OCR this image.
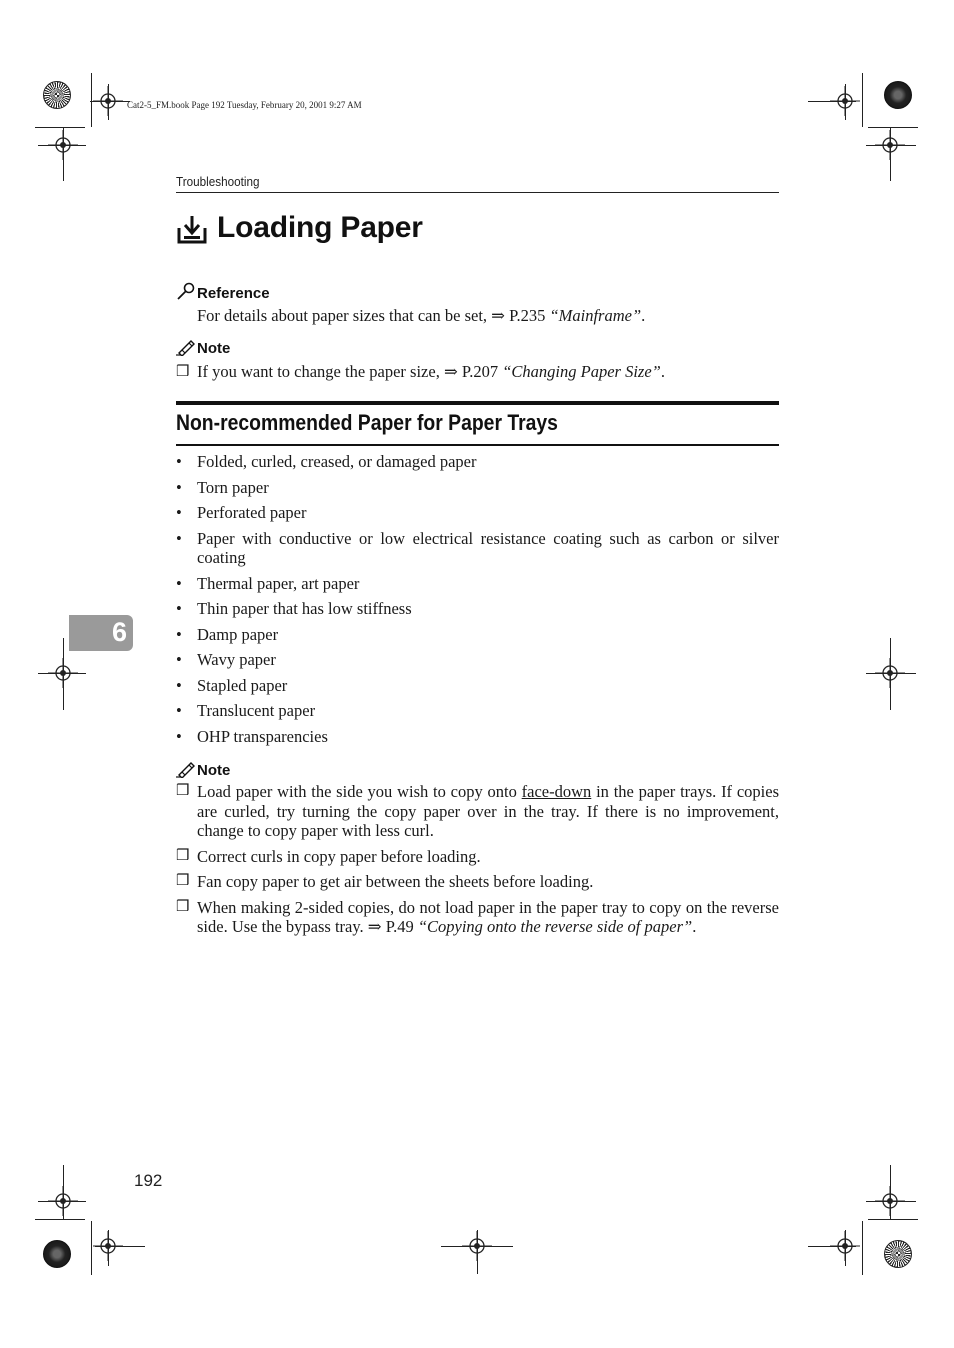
Cat2-5_FM.book Page 192 Tuesday, February 20, 2001 9:27 AM
Troubleshooting
Loading Paper
Reference
For details about paper sizes that can be set, ⇒ P.235 “Mainframe”.
Note
❒ If you want to change the paper size, ⇒ P.207 “Changing Paper Size”.
Non-recommended Paper for Paper Trays
• Folded, curled, creased, or damaged paper
• Torn paper
• Perforated paper
• Paper with conductive or low electrical resistance coating such as carbon or silver coating
• Thermal paper, art paper
• Thin paper that has low stiffness
• Damp paper
• Wavy paper
• Stapled paper
• Translucent paper
• OHP transparencies
Note
❒ Load paper with the side you wish to copy onto face-down in the paper trays. If copies are curled, try turning the copy paper over in the tray. If there is no improvement, change to copy paper with less curl.
❒ Correct curls in copy paper before loading.
❒ Fan copy paper to get air between the sheets before loading.
❒ When making 2-sided copies, do not load paper in the paper tray to copy on the reverse side. Use the bypass tray. ⇒ P.49 “Copying onto the reverse side of paper”.
6
192
